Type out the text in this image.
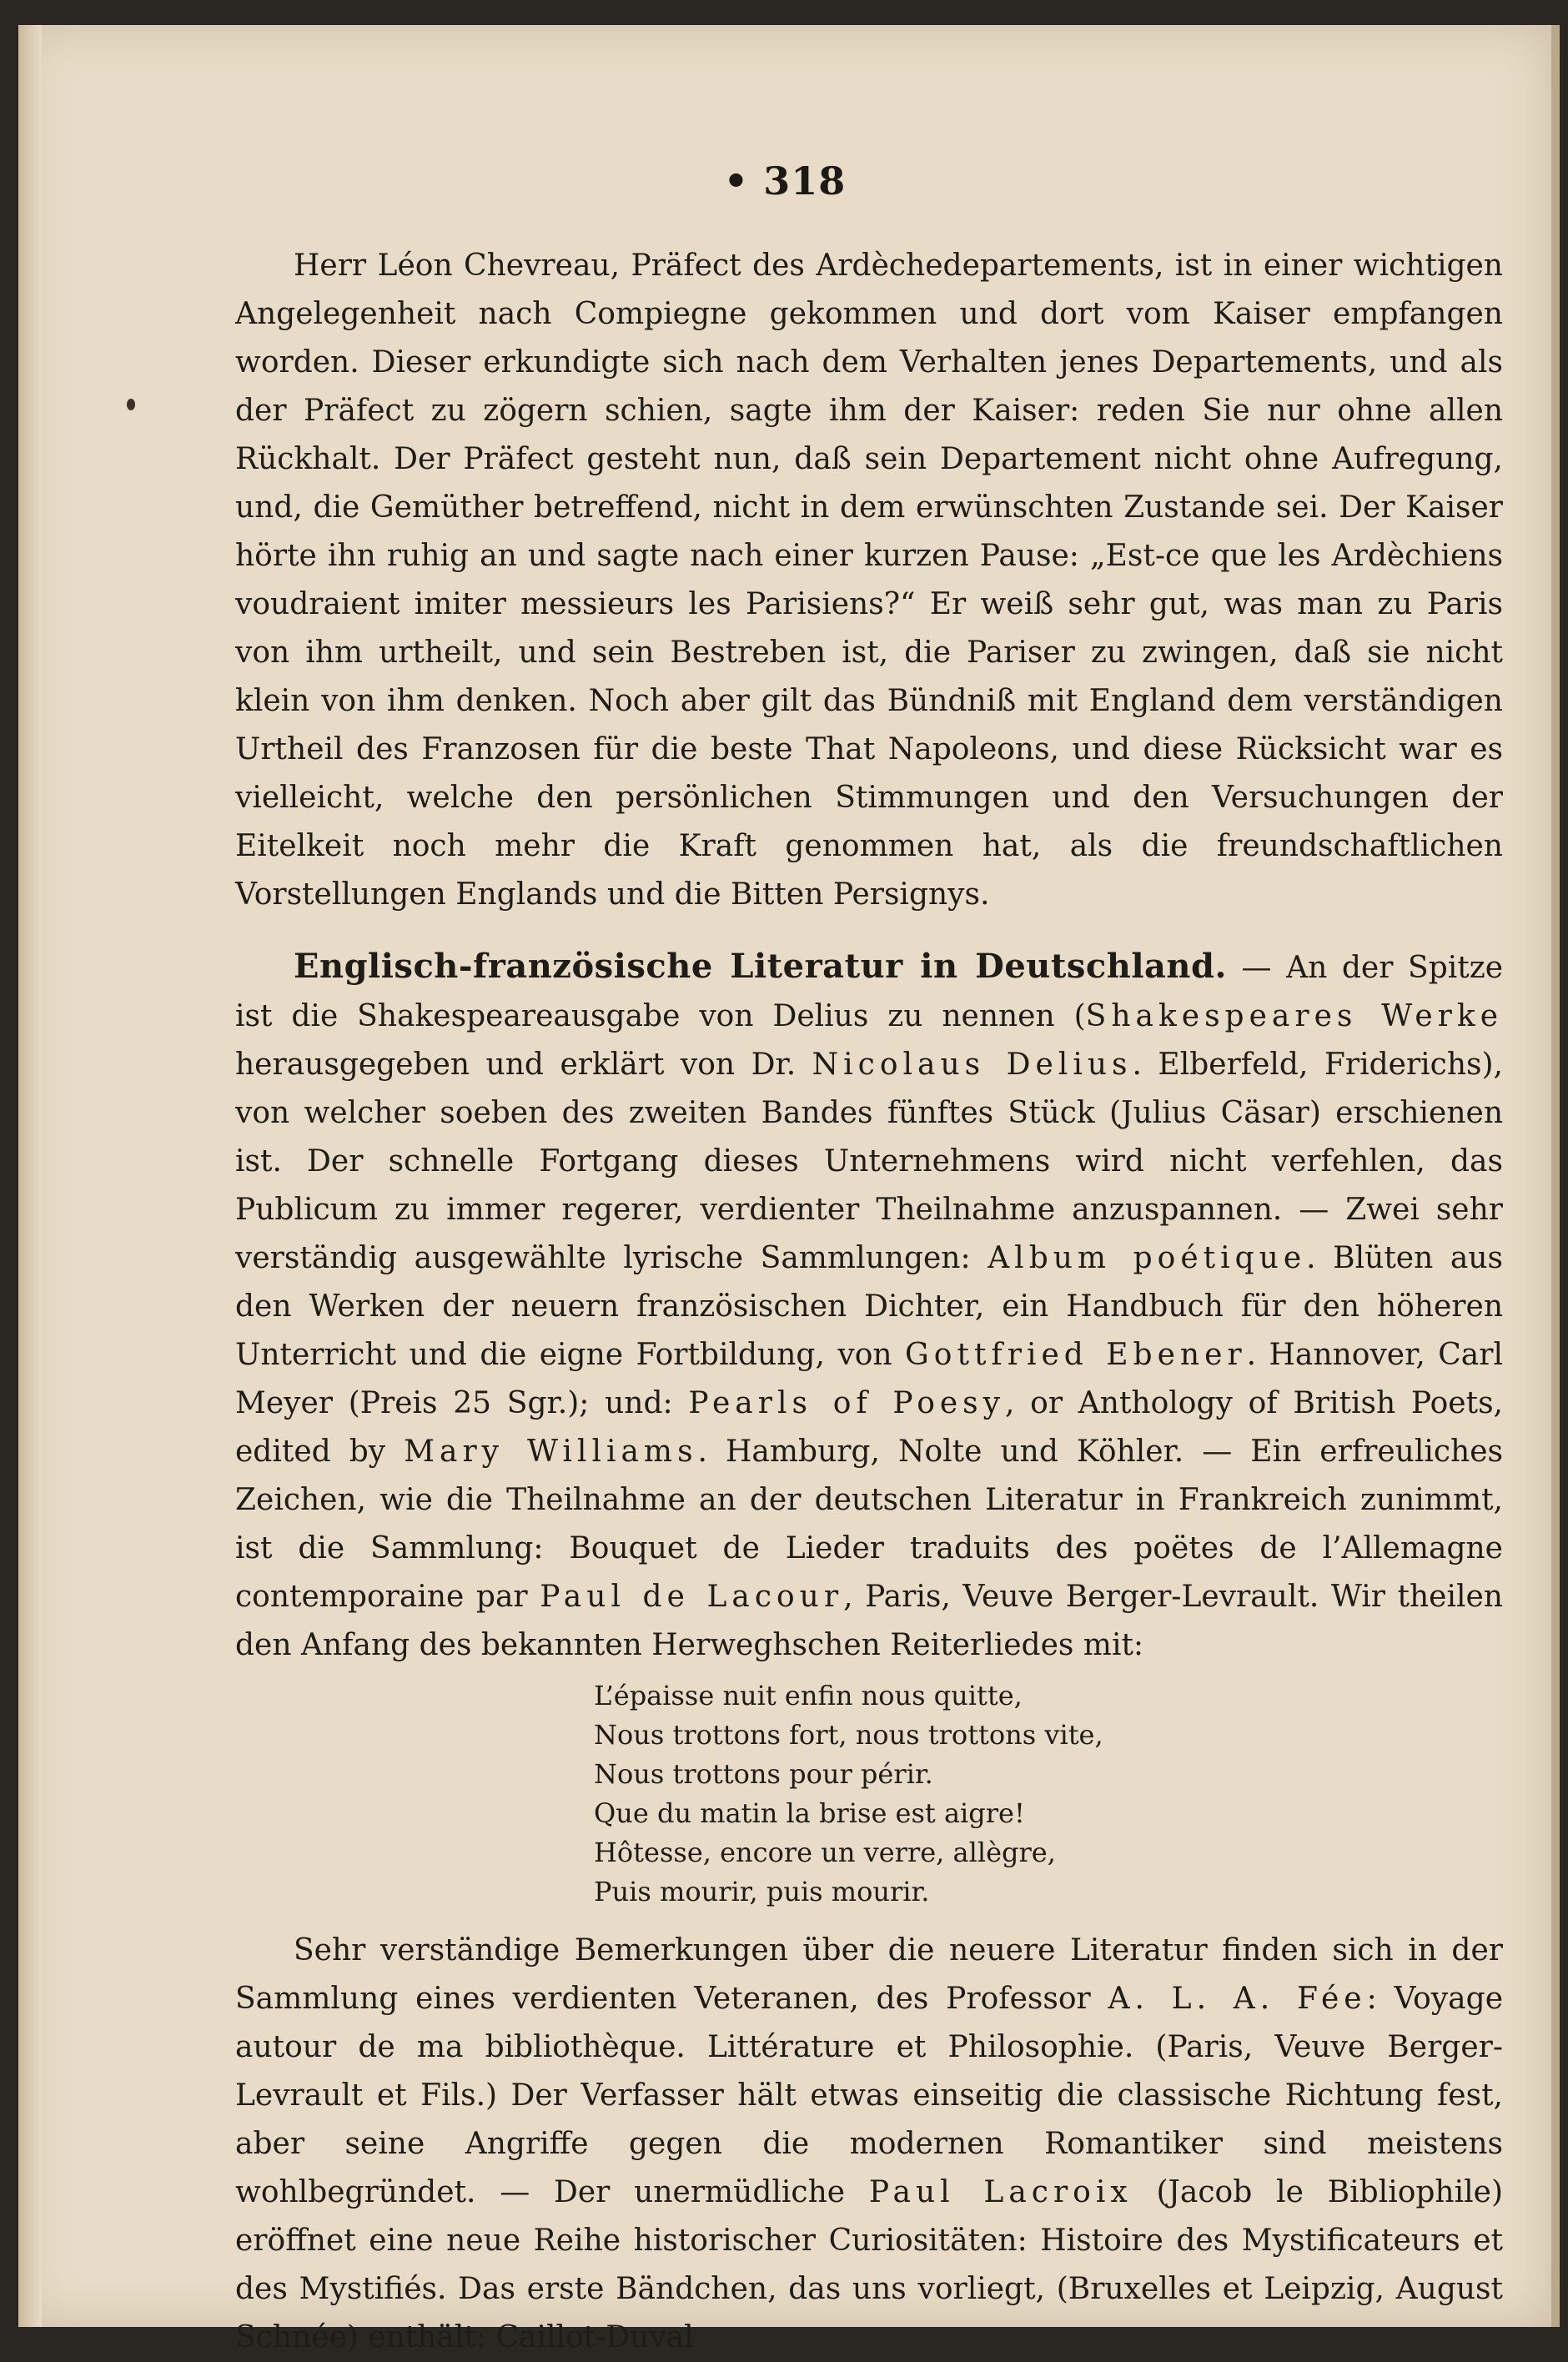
• 318

Herr Léon Chevreau, Präfect des Ardèchedepartements, ist in einer wichtigen Angelegenheit nach Compiegne gekommen und dort vom Kaiser empfangen worden. Dieser erkundigte sich nach dem Verhalten jenes Departements, und als der Präfect zu zögern schien, sagte ihm der Kaiser: reden Sie nur ohne allen Rückhalt. Der Präfect gesteht nun, daß sein Departement nicht ohne Aufregung, und, die Gemüther betreffend, nicht in dem erwünschten Zustande sei. Der Kaiser hörte ihn ruhig an und sagte nach einer kurzen Pause: „Est-ce que les Ardèchiens voudraient imiter messieurs les Parisiens?“ Er weiß sehr gut, was man zu Paris von ihm urtheilt, und sein Bestreben ist, die Pariser zu zwingen, daß sie nicht klein von ihm denken. Noch aber gilt das Bündniß mit England dem verständigen Urtheil des Franzosen für die beste That Napoleons, und diese Rücksicht war es vielleicht, welche den persönlichen Stimmungen und den Versuchungen der Eitelkeit noch mehr die Kraft genommen hat, als die freundschaftlichen Vorstellungen Englands und die Bitten Persignys.

Englisch-französische Literatur in Deutschland. — An der Spitze ist die Shakespeareausgabe von Delius zu nennen (Shakespeares Werke herausgegeben und erklärt von Dr. Nicolaus Delius. Elberfeld, Friderichs), von welcher soeben des zweiten Bandes fünftes Stück (Julius Cäsar) erschienen ist. Der schnelle Fortgang dieses Unternehmens wird nicht verfehlen, das Publicum zu immer regerer, verdienter Theilnahme anzuspannen. — Zwei sehr verständig ausgewählte lyrische Sammlungen: Album poétique. Blüten aus den Werken der neuern französischen Dichter, ein Handbuch für den höheren Unterricht und die eigne Fortbildung, von Gottfried Ebener. Hannover, Carl Meyer (Preis 25 Sgr.); und: Pearls of Poesy, or Anthology of British Poets, edited by Mary Williams. Hamburg, Nolte und Köhler. — Ein erfreuliches Zeichen, wie die Theilnahme an der deutschen Literatur in Frankreich zunimmt, ist die Sammlung: Bouquet de Lieder traduits des poëtes de l’Allemagne contemporaine par Paul de Lacour, Paris, Veuve Berger-Levrault. Wir theilen den Anfang des bekannten Herweghschen Reiterliedes mit:

L’épaisse nuit enfin nous quitte,
Nous trottons fort, nous trottons vite,
Nous trottons pour périr.
Que du matin la brise est aigre!
Hôtesse, encore un verre, allègre,
Puis mourir, puis mourir.

Sehr verständige Bemerkungen über die neuere Literatur finden sich in der Sammlung eines verdienten Veteranen, des Professor A. L. A. Fée: Voyage autour de ma bibliothèque. Littérature et Philosophie. (Paris, Veuve Berger-Levrault et Fils.) Der Verfasser hält etwas einseitig die classische Richtung fest, aber seine Angriffe gegen die modernen Romantiker sind meistens wohlbegründet. — Der unermüdliche Paul Lacroix (Jacob le Bibliophile) eröffnet eine neue Reihe historischer Curiositäten: Histoire des Mystificateurs et des Mystifiés. Das erste Bändchen, das uns vorliegt, (Bruxelles et Leipzig, August Schnée) enthält: Caillot-Duval
